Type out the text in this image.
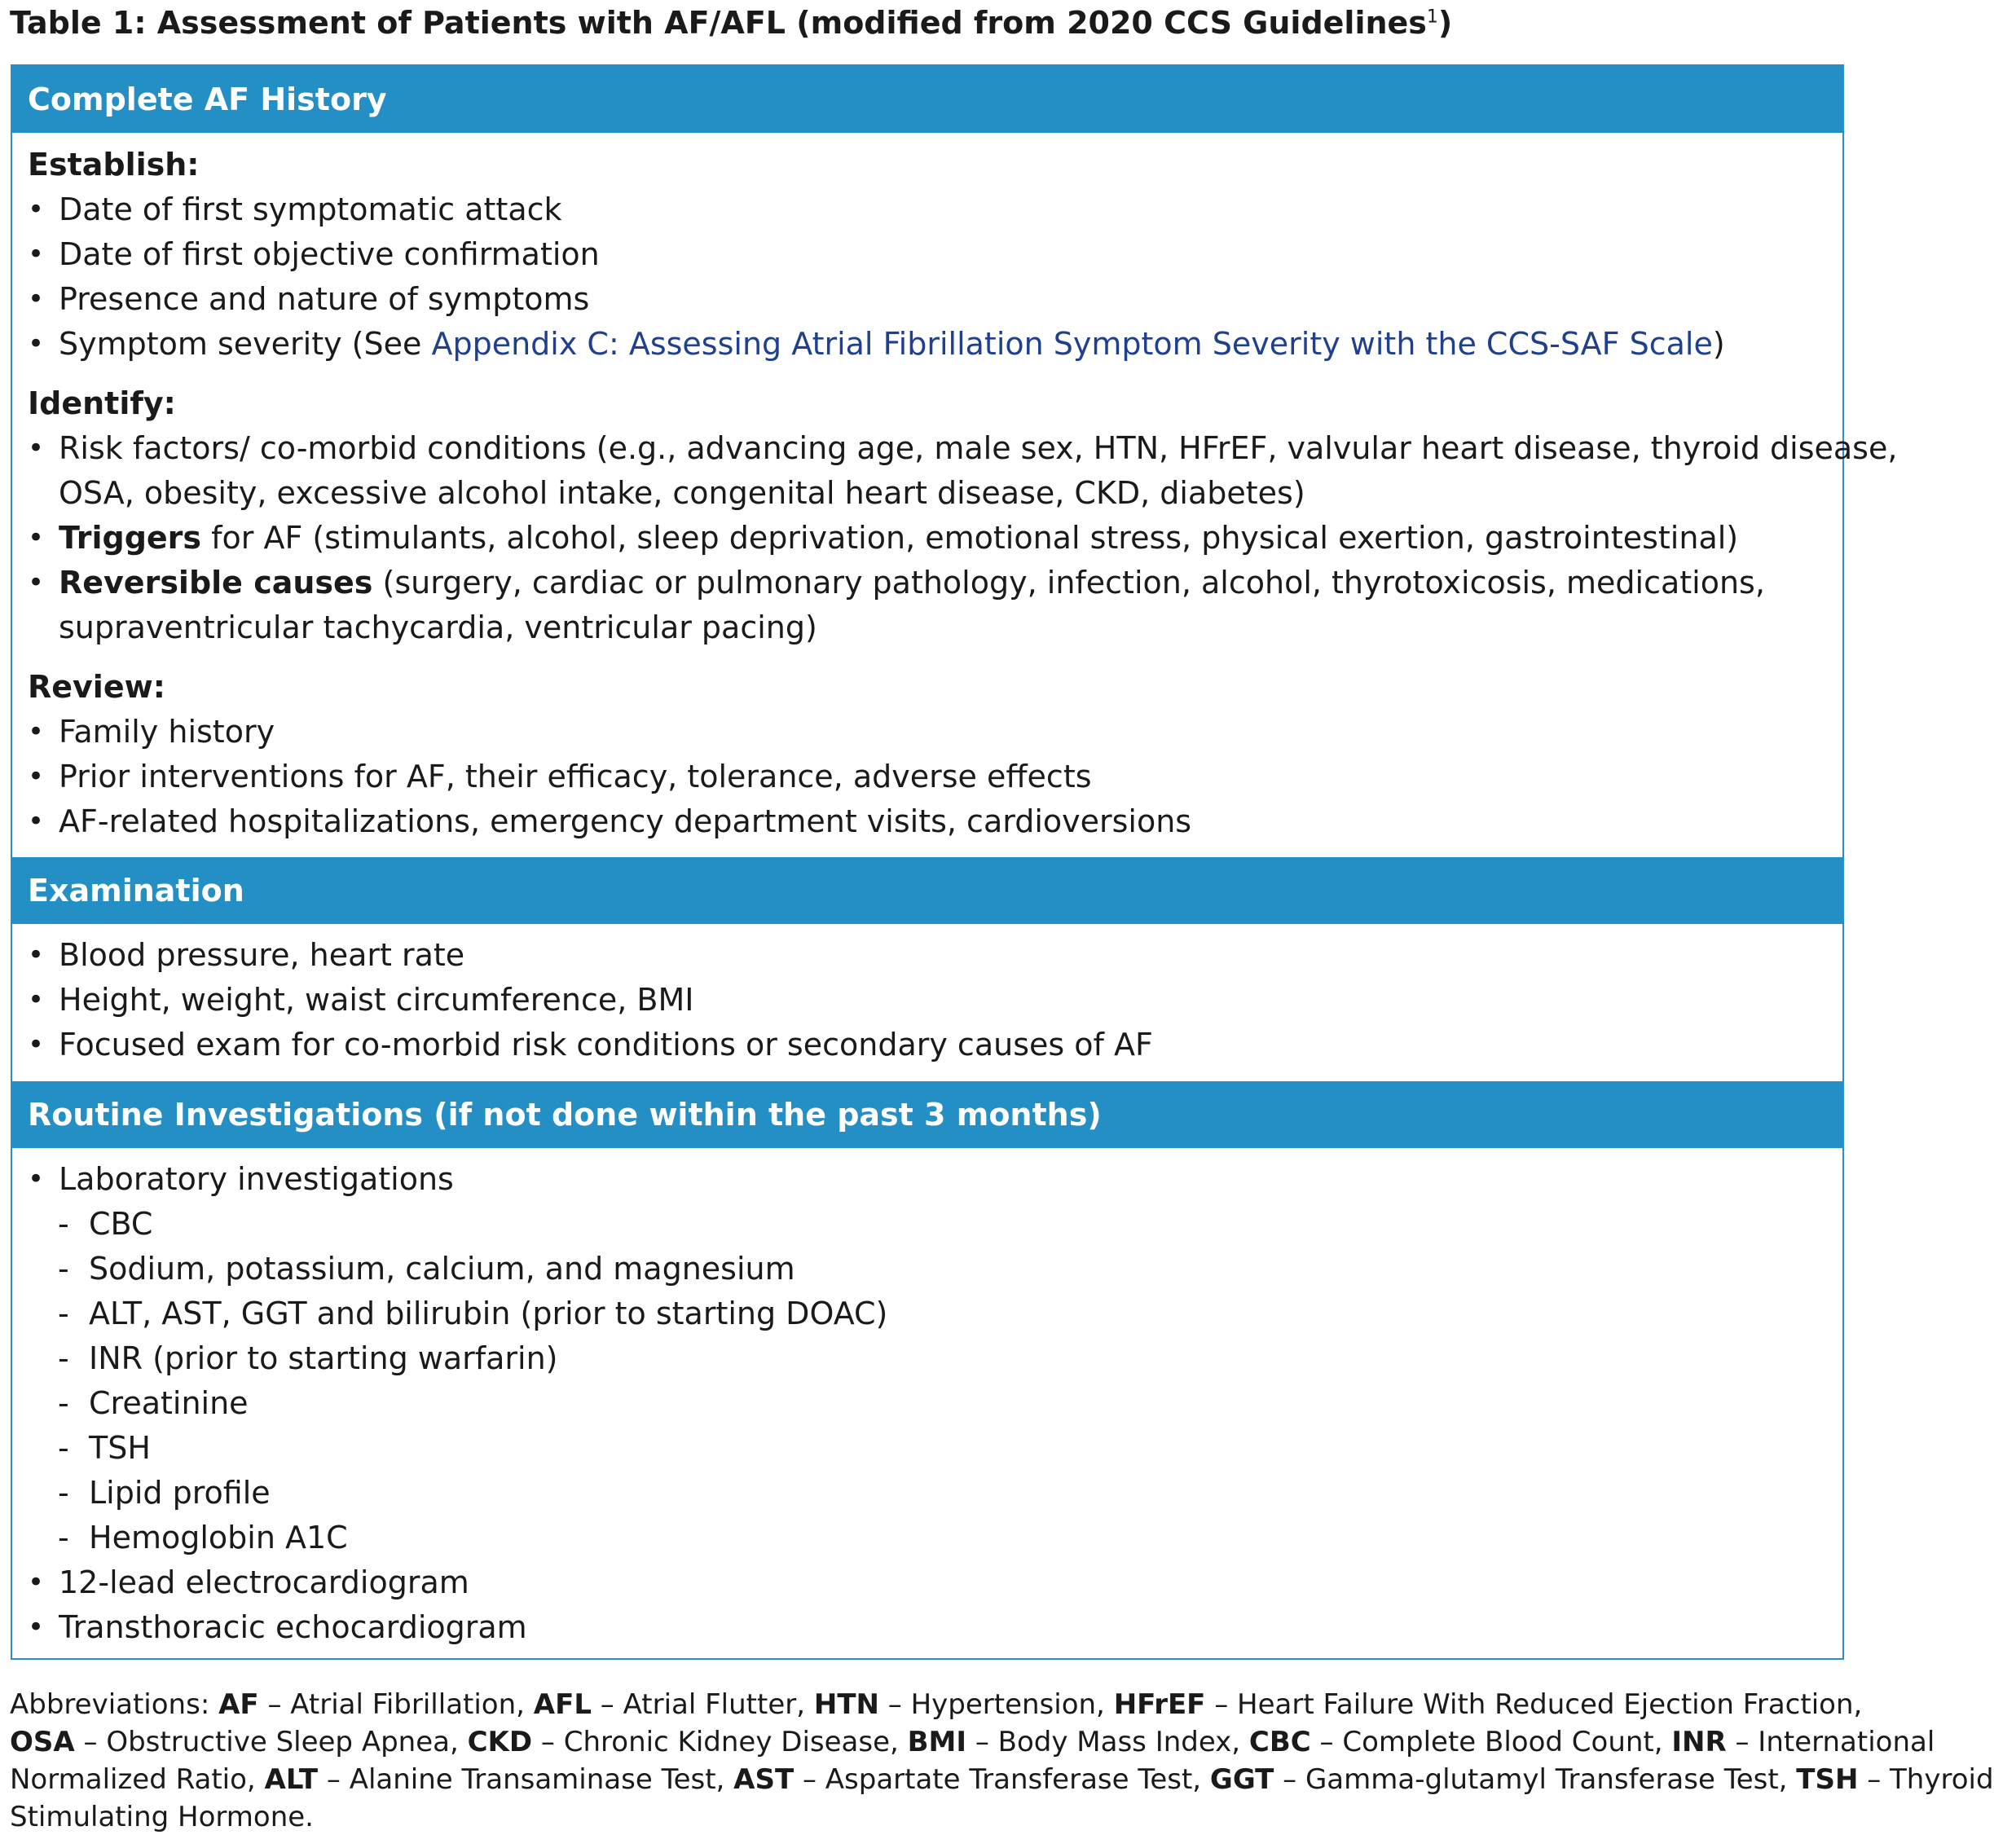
Table 1: Assessment of Patients with AF/AFL (modified from 2020 CCS Guidelines$^1$)
Complete AF History
Establish:
• Date of first symptomatic attack
• Date of first objective confirmation
• Presence and nature of symptoms
• Symptom severity (See Appendix C: Assessing Atrial Fibrillation Symptom Severity with the CCS-SAF Scale)
Identify:
• Risk factors/ co-morbid conditions (e.g., advancing age, male sex, HTN, HFrEF, valvular heart disease, thyroid disease,
OSA, obesity, excessive alcohol intake, congenital heart disease, CKD, diabetes)
• Triggers for AF (stimulants, alcohol, sleep deprivation, emotional stress, physical exertion, gastrointestinal)
• Reversible causes (surgery, cardiac or pulmonary pathology, infection, alcohol, thyrotoxicosis, medications,
supraventricular tachycardia, ventricular pacing)
Review:
• Family history
• Prior interventions for AF, their efficacy, tolerance, adverse effects
• AF-related hospitalizations, emergency department visits, cardioversions
Examination
• Blood pressure, heart rate
• Height, weight, waist circumference, BMI
• Focused exam for co-morbid risk conditions or secondary causes of AF
Routine Investigations (if not done within the past 3 months)
• Laboratory investigations
- CBC
- Sodium, potassium, calcium, and magnesium
- ALT, AST, GGT and bilirubin (prior to starting DOAC)
- INR (prior to starting warfarin)
- Creatinine
- TSH
- Lipid profile
- Hemoglobin A1C
• 12-lead electrocardiogram
• Transthoracic echocardiogram
Abbreviations: AF – Atrial Fibrillation, AFL – Atrial Flutter, HTN – Hypertension, HFrEF – Heart Failure With Reduced Ejection Fraction,
OSA – Obstructive Sleep Apnea, CKD – Chronic Kidney Disease, BMI – Body Mass Index, CBC – Complete Blood Count, INR – International
Normalized Ratio, ALT – Alanine Transaminase Test, AST – Aspartate Transferase Test, GGT – Gamma-glutamyl Transferase Test, TSH – Thyroid
Stimulating Hormone.
